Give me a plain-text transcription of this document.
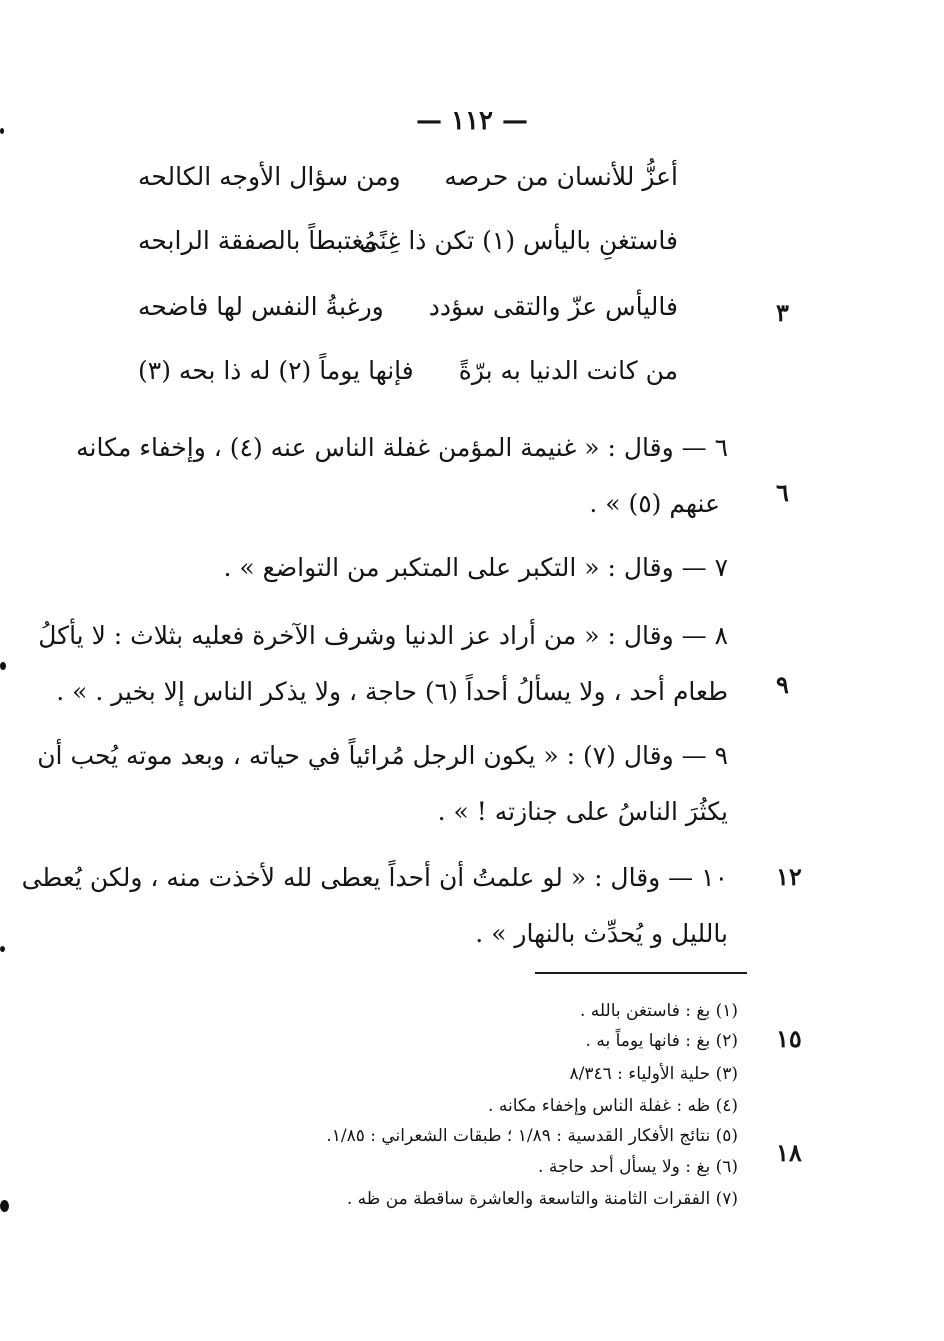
— ١١٢ —
أعزُّ للأنسان من حرصه
ومن سؤال الأوجه الكالحه
فاستغنِ باليأس (١) تكن ذا غِنًى
مُغتبطاً بالصفقة الرابحه
فاليأس عزّ والتقى سؤدد
ورغبةُ النفس لها فاضحه
من كانت الدنيا به برّةً
فإنها يوماً (٢) له ذا بحه (٣)
٣
٦
٩
١٢
١٥
١٨
٦ — وقال : « غنيمة المؤمن غفلة الناس عنه (٤) ، وإخفاء مكانه
عنهم (٥) » .
٧ — وقال : « التكبر على المتكبر من التواضع » .
٨ — وقال : « من أراد عز الدنيا وشرف الآخرة فعليه بثلاث : لا يأكلُ
طعام أحد ، ولا يسألُ أحداً (٦) حاجة ، ولا يذكر الناس إلا بخير . » .
٩ — وقال (٧) : « يكون الرجل مُرائياً في حياته ، وبعد موته يُحب أن
يكثُرَ الناسُ على جنازته ! » .
١٠ — وقال : « لو علمتُ أن أحداً يعطى لله لأخذت منه ، ولكن يُعطى
بالليل و يُحدِّث بالنهار » .
(١) بغ : فاستغن بالله .
(٢) بغ : فانها يوماً به .
(٣) حلية الأولياء : ٨/٣٤٦
(٤) ظه : غفلة الناس وإخفاء مكانه .
(٥) نتائج الأفكار القدسية : ١/٨٩ ؛ طبقات الشعراني : ١/٨٥.
(٦) بغ : ولا يسأل أحد حاجة .
(٧) الفقرات الثامنة والتاسعة والعاشرة ساقطة من ظه .
